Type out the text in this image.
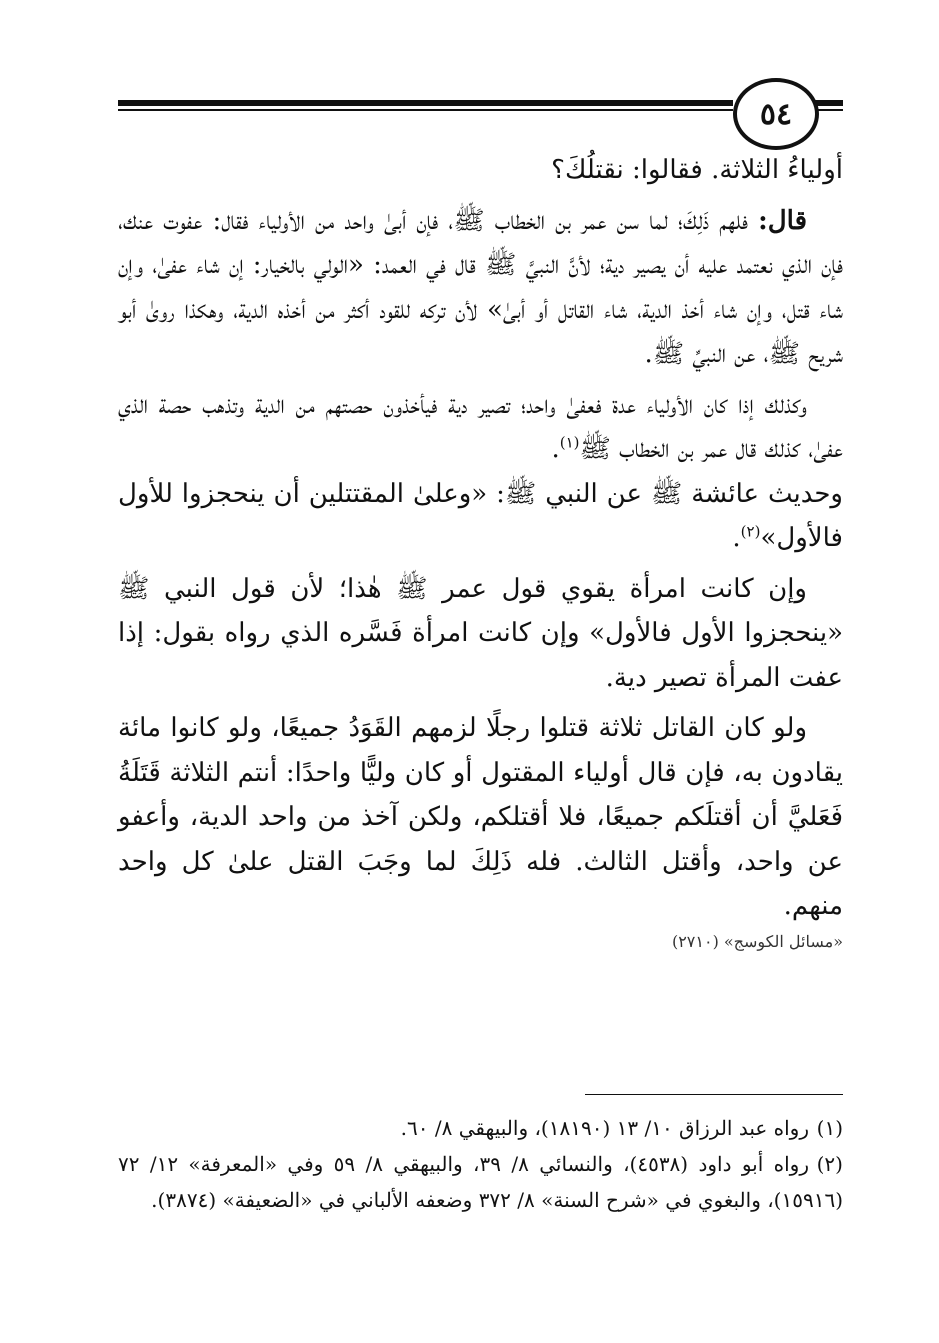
٥٤

أولياءُ الثلاثة. فقالوا: نقتلُكَ؟

قال: فلهم ذَلِكَ؛ لما سن عمر بن الخطاب ﷺ، فإن أبىٰ واحد من الأولياء فقال: عفوت عنك، فإن الذي نعتمد عليه أن يصير دية؛ لأنَّ النبيَّ ﷺ قال في العمد: «الولي بالخيار: إن شاء عفىٰ، وإن شاء قتل، وإن شاء أخذ الدية، شاء القاتل أو أبىٰ» لأن تركه للقود أكثر من أخذه الدية، وهكذا روىٰ أبو شريح ﷺ، عن النبيِّ ﷺ.

وكذلك إذا كان الأولياء عدة فعفىٰ واحد؛ تصير دية فيأخذون حصتهم من الدية وتذهب حصة الذي عفىٰ، كذلك قال عمر بن الخطاب ﷺ$^{(١)}$.

وحديث عائشة ﷺ عن النبي ﷺ: «وعلىٰ المقتتلين أن ينحجزوا للأول فالأول»$^{(٢)}$.

وإن كانت امرأة يقوي قول عمر ﷺ هٰذا؛ لأن قول النبي ﷺ «ينحجزوا الأول فالأول» وإن كانت امرأة فَسَّره الذي رواه بقول: إذا عفت المرأة تصير دية.

ولو كان القاتل ثلاثة قتلوا رجلًا لزمهم القَوَدُ جميعًا، ولو كانوا مائة يقادون به، فإن قال أولياء المقتول أو كان وليًّا واحدًا: أنتم الثلاثة قَتَلَةُ فَعَليَّ أن أقتلَكم جميعًا، فلا أقتلكم، ولكن آخذ من واحد الدية، وأعفو عن واحد، وأقتل الثالث. فله ذَلِكَ لما وجَبَ القتل علىٰ كل واحد منهم.

«مسائل الكوسج» (٢٧١٠)

(١)رواه عبد الرزاق ١٠/ ١٣ (١٨١٩٠)، والبيهقي ٨/ ٦٠.

(٢)رواه أبو داود (٤٥٣٨)، والنسائي ٨/ ٣٩، والبيهقي ٨/ ٥٩ وفي «المعرفة» ١٢/ ٧٢ (١٥٩١٦)، والبغوي في «شرح السنة» ٨/ ٣٧٢ وضعفه الألباني في «الضعيفة» (٣٨٧٤).
